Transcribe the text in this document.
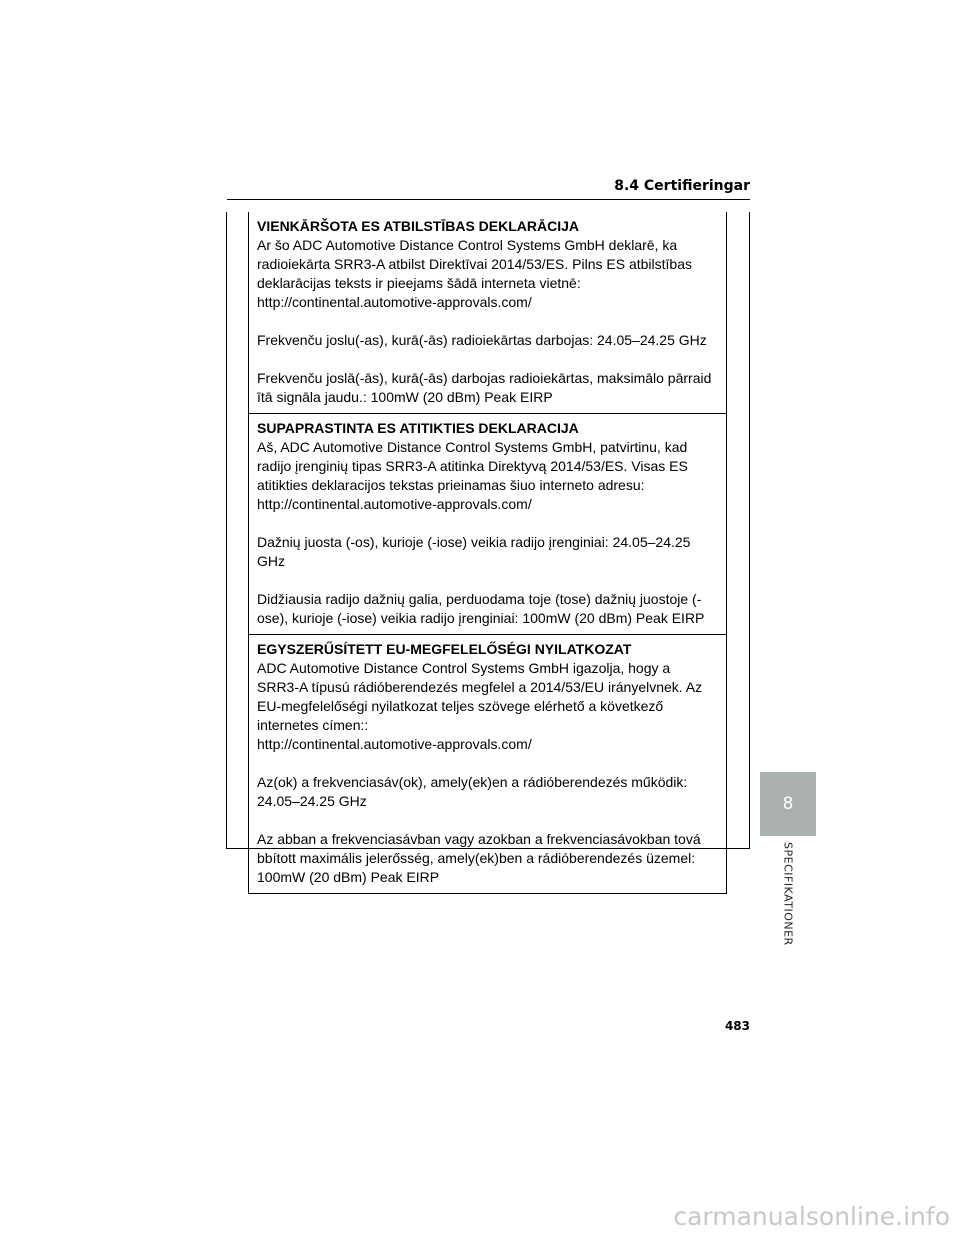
8.4 Certifieringar

VIENKĀRŠOTA ES ATBILSTĪBAS DEKLARĀCIJA

Ar šo ADC Automotive Distance Control Systems GmbH deklarē, ka

radioiekārta SRR3-A atbilst Direktīvai 2014/53/ES. Pilns ES atbilstības

deklarācijas teksts ir pieejams šādā interneta vietnē:

http://continental.automotive-approvals.com/

Frekvenču joslu(-as), kurā(-ās) radioiekārtas darbojas: 24.05–24.25 GHz

Frekvenču joslā(-ās), kurā(-ās) darbojas radioiekārtas, maksimālo pārraid

ītā signāla jaudu.: 100mW (20 dBm) Peak EIRP

SUPAPRASTINTA ES ATITIKTIES DEKLARACIJA

Aš, ADC Automotive Distance Control Systems GmbH, patvirtinu, kad

radijo įrenginių tipas SRR3-A atitinka Direktyvą 2014/53/ES. Visas ES

atitikties deklaracijos tekstas prieinamas šiuo interneto adresu:

http://continental.automotive-approvals.com/

Dažnių juosta (-os), kurioje (-iose) veikia radijo įrenginiai: 24.05–24.25

GHz

Didžiausia radijo dažnių galia, perduodama toje (tose) dažnių juostoje (-

ose), kurioje (-iose) veikia radijo įrenginiai: 100mW (20 dBm) Peak EIRP

EGYSZERŰSÍTETT EU-MEGFELELŐSÉGI NYILATKOZAT

ADC Automotive Distance Control Systems GmbH igazolja, hogy a

SRR3-A típusú rádióberendezés megfelel a 2014/53/EU irányelvnek. Az

EU-megfelelőségi nyilatkozat teljes szövege elérhető a következő

internetes címen::

http://continental.automotive-approvals.com/

Az(ok) a frekvenciasáv(ok), amely(ek)en a rádióberendezés működik:

24.05–24.25 GHz

Az abban a frekvenciasávban vagy azokban a frekvenciasávokban tová

bbított maximális jelerősség, amely(ek)ben a rádióberendezés üzemel:

100mW (20 dBm) Peak EIRP

8
SPECIFIKATIONER
483
carmanualsonline.info
